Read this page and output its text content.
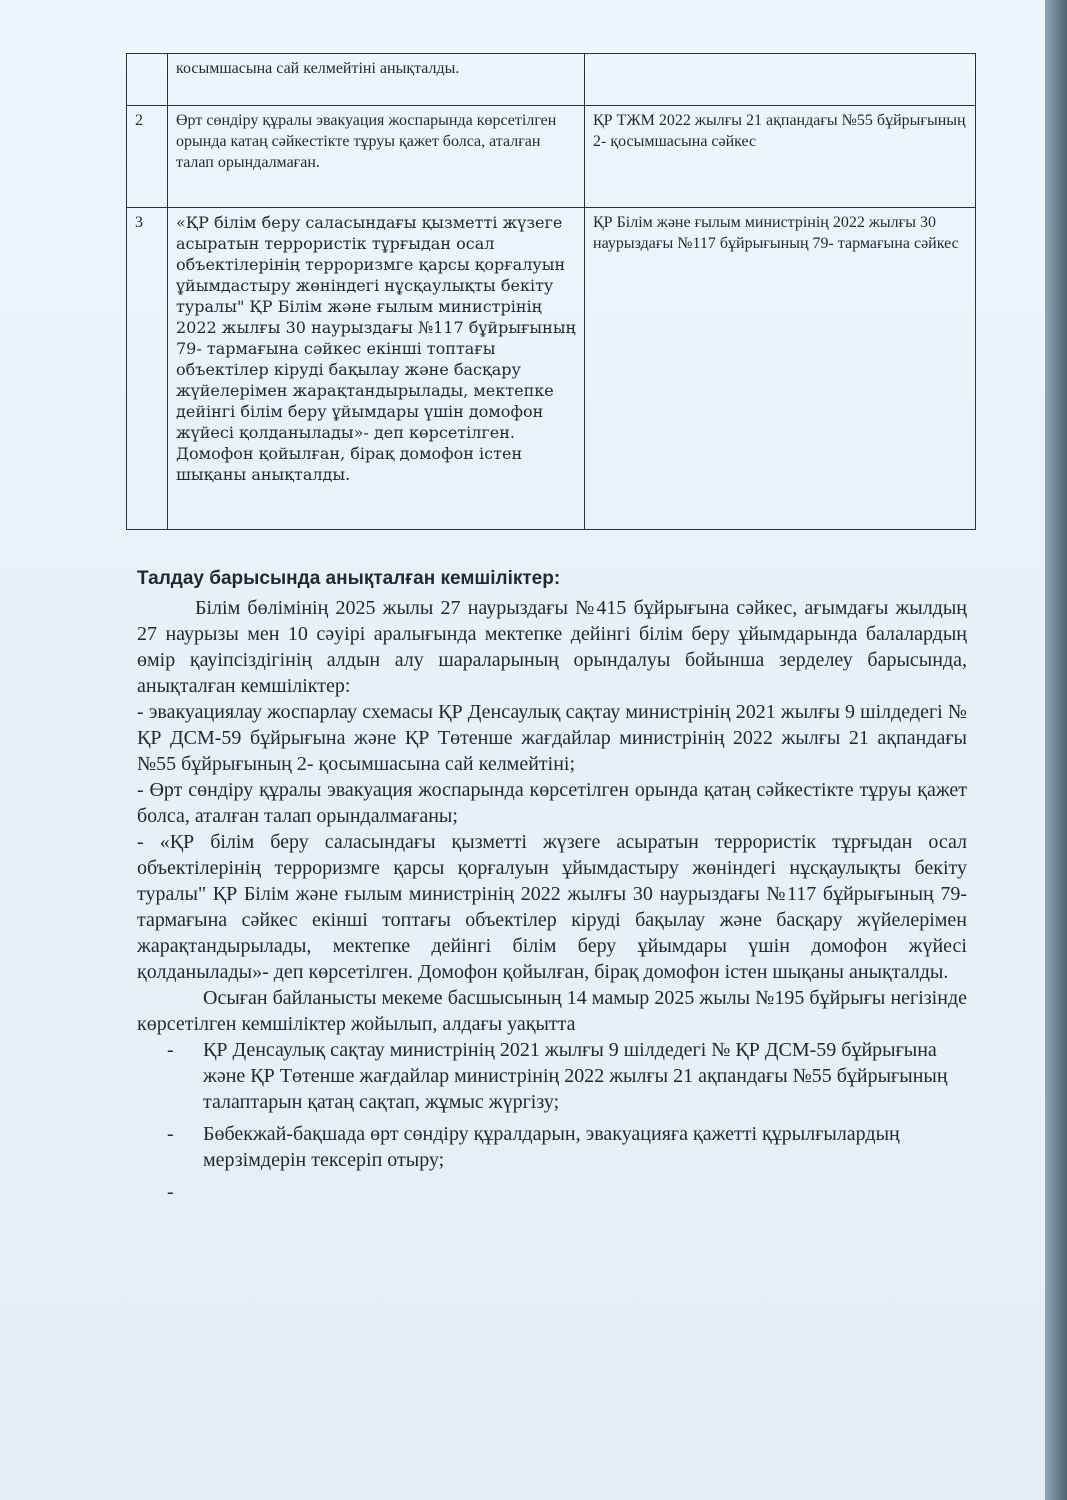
	косымшасына сай келмейтіні анықталды.	
2	Өрт сөндіру құралы эвакуация жоспарында көрсетілген орында катаң сәйкестікте тұруы қажет болса, аталған талап орындалмаған.	ҚР ТЖМ 2022 жылғы 21 ақпандағы №55 бұйрығының 2- қосымшасына сәйкес
3	«ҚР білім беру саласындағы қызметті жүзеге асыратын террористік тұрғыдан осал объектілерінің терроризмге қарсы қорғалуын ұйымдастыру жөніндегі нұсқаулықты бекіту туралы" ҚР Білім және ғылым министрінің 2022 жылғы 30 наурыздағы №117 бұйрығының 79- тармағына сәйкес екінші топтағы объектілер кіруді бақылау және басқару жүйелерімен жарақтандырылады, мектепке дейінгі білім беру ұйымдары үшін домофон жүйесі қолданылады»- деп көрсетілген. Домофон қойылған, бірақ домофон істен шықаны анықталды.	ҚР Білім және ғылым министрінің 2022 жылғы 30 наурыздағы №117 бұйрығының 79- тармағына сәйкес

Талдау барысында анықталған кемшіліктер:

Білім бөлімінің 2025 жылы 27 наурыздағы №415 бұйрығына сәйкес, ағымдағы жылдың 27 наурызы мен 10 сәуірі аралығында мектепке дейінгі білім беру ұйымдарында балалардың өмір қауіпсіздігінің алдын алу шараларының орындалуы бойынша зерделеу барысында, анықталған кемшіліктер:

- эвакуациялау жоспарлау схемасы ҚР Денсаулық сақтау министрінің 2021 жылғы 9 шілдедегі № ҚР ДСМ-59 бұйрығына және ҚР Төтенше жағдайлар министрінің 2022 жылғы 21 ақпандағы №55 бұйрығының 2- қосымшасына сай келмейтіні;

- Өрт сөндіру құралы эвакуация жоспарында көрсетілген орында қатаң сәйкестікте тұруы қажет болса, аталған талап орындалмағаны;

- «ҚР білім беру саласындағы қызметті жүзеге асыратын террористік тұрғыдан осал объектілерінің терроризмге қарсы қорғалуын ұйымдастыру жөніндегі нұсқаулықты бекіту туралы" ҚР Білім және ғылым министрінің 2022 жылғы 30 наурыздағы №117 бұйрығының 79- тармағына сәйкес екінші топтағы объектілер кіруді бақылау және басқару жүйелерімен жарақтандырылады, мектепке дейінгі білім беру ұйымдары үшін домофон жүйесі қолданылады»- деп көрсетілген. Домофон қойылған, бірақ домофон істен шықаны анықталды.

Осыған байланысты мекеме басшысының 14 мамыр 2025 жылы №195 бұйрығы негізінде көрсетілген кемшіліктер жойылып, алдағы уақытта

- ҚР Денсаулық сақтау министрінің 2021 жылғы 9 шілдедегі № ҚР ДСМ-59 бұйрығына және ҚР Төтенше жағдайлар министрінің 2022 жылғы 21 ақпандағы №55 бұйрығының талаптарын қатаң сақтап, жұмыс жүргізу;
- Бөбекжай-бақшада өрт сөндіру құралдарын, эвакуацияға қажетті құрылғылардың мерзімдерін тексеріп отыру;
-
